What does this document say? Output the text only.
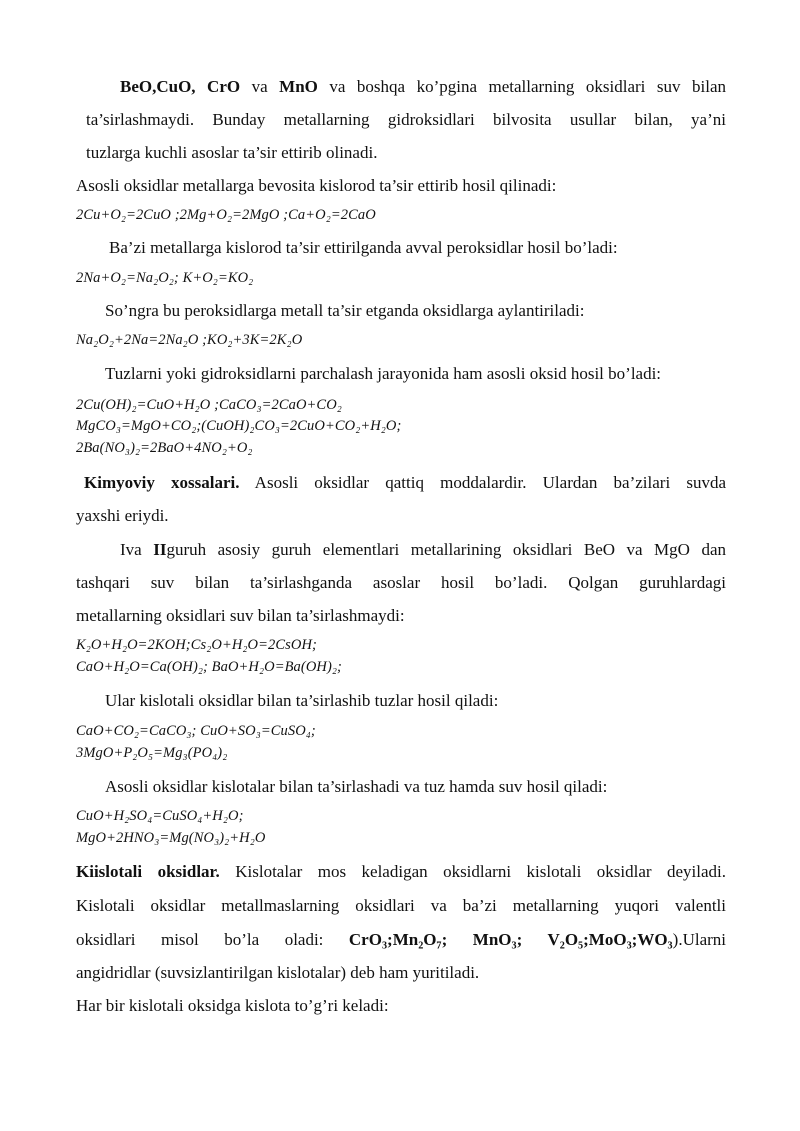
BeO,CuO, CrO va MnO va boshqa ko’pgina metallarning oksidlari suv bilan
ta’sirlashmaydi. Bunday metallarning gidroksidlari bilvosita usullar bilan, ya’ni
tuzlarga kuchli asoslar ta’sir ettirib olinadi.
Asosli oksidlar metallarga bevosita kislorod ta’sir ettirib hosil qilinadi:
2Cu+O₂=2CuO ;2Mg+O₂=2MgO ;Ca+O₂=2CaO
Ba’zi metallarga kislorod ta’sir ettirilganda avval peroksidlar hosil bo’ladi:
2Na+O₂=Na₂O₂; K+O₂=KO₂
So’ngra bu peroksidlarga metall ta’sir etganda oksidlarga aylantiriladi:
Na₂O₂+2Na=2Na₂O ;KO₂+3K=2K₂O
Tuzlarni yoki gidroksidlarni parchalash jarayonida ham asosli oksid hosil bo’ladi:
2Cu(OH)₂=CuO+H₂O ;CaCO₃=2CaO+CO₂
MgCO₃=MgO+CO₂;(CuOH)₂CO₃=2CuO+CO₂+H₂O;
2Ba(NO₃)₂=2BaO+4NO₂+O₂
Kimyoviy xossalari. Asosli oksidlar qattiq moddalardir. Ulardan ba’zilari suvda
yaxshi eriydi.
Iva IIguruh asosiy guruh elementlari metallarining oksidlari BeO va MgO dan
tashqari suv bilan ta’sirlashganda asoslar hosil bo’ladi. Qolgan guruhlardagi
metallarning oksidlari suv bilan ta’sirlashmaydi:
K₂O+H₂O=2KOH;Cs₂O+H₂O=2CsOH;
CaO+H₂O=Ca(OH)₂; BaO+H₂O=Ba(OH)₂;
Ular kislotali oksidlar bilan ta’sirlashib tuzlar hosil qiladi:
CaO+CO₂=CaCO₃; CuO+SO₃=CuSO₄;
3MgO+P₂O₅=Mg₃(PO₄)₂
Asosli oksidlar kislotalar bilan ta’sirlashadi va tuz hamda suv hosil qiladi:
CuO+H₂SO₄=CuSO₄+H₂O;
MgO+2HNO₃=Mg(NO₃)₂+H₂O
Kiislotali oksidlar. Kislotalar mos keladigan oksidlarni kislotali oksidlar deyiladi.
Kislotali oksidlar metallmaslarning oksidlari va ba’zi metallarning yuqori valentli
oksidlari misol bo’la oladi: CrO₃;Mn₂O₇; MnO₃; V₂O₅;MoO₃;WO₃).Ularni
angidridlar (suvsizlantirilgan kislotalar) deb ham yuritiladi.
Har bir kislotali oksidga kislota to’g’ri keladi:
